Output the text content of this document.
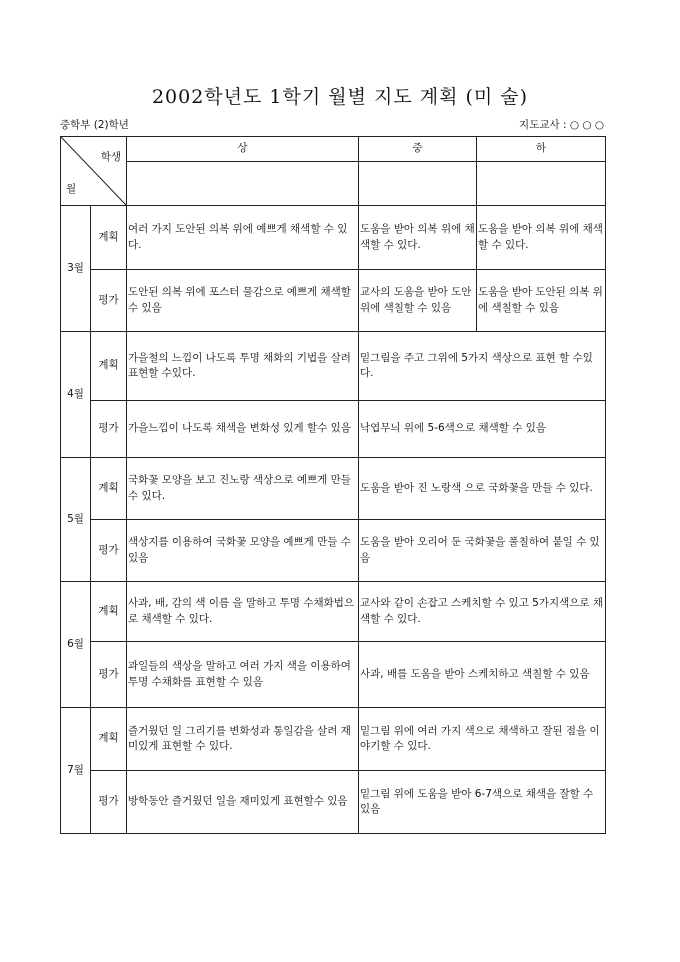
2002학년도 1학기 월별 지도 계획 (미 술)
중학부 (2)학년	지도교사 : ○ ○ ○
학생
월		상	중	하

3월	계획	여러 가지 도안된 의복 위에 예쁘게 채색할 수 있다.	도움을 받아 의복 위에 채색할 수 있다.	도움을 받아 의복 위에 채색 할 수 있다.
	평가	도안된 의복 위에 포스터 물감으로 예쁘게 채색할 수 있음	교사의 도움을 받아 도안위에 색칠할 수 있음	도움을 받아 도안된 의복 위에 색칠할 수 있음
4월	계획	가을철의 느낌이 나도록 투명 채화의 기법을 살려 표현할 수있다.	밑그림을 주고 그위에 5가지 색상으로 표현 할 수있다.	
	평가	가을느낌이 나도록 채색을 변화성 있게 할수 있음	낙엽무늬 위에 5-6색으로 채색할 수 있음	
5월	계획	국화꽃 모양을 보고 진노랑 색상으로 예쁘게 만들 수 있다.	도움을 받아 진 노랑색 으로 국화꽃을 만들 수 있다.	
	평가	색상지를 이용하여 국화꽃 모양을 예쁘게 만들 수 있음	도움을 받아 오리어 둔 국화꽃을 풀칠하여 붙일 수 있음	
6월	계획	사과, 배, 감의 색 이름 을 말하고 투명 수채화법으로 채색할 수 있다.	교사와 같이 손잡고 스케치할 수 있고 5가지색으로 채색할 수 있다.	
	평가	과일들의 색상을 말하고 여러 가지 색을 이용하여 투명 수채화를 표현할 수 있음	사과, 배를 도움을 받아 스케치하고 색칠할 수 있음	
7월	계획	즐거웠던 일 그리기를 변화성과 통일감을 살려 재미있게 표현할 수 있다.	밑그림 위에 여러 가지 색으로 채색하고 잘된 점을 이야기할 수 있다.	
	평가	방학동안 즐거웠던 일을 재미있게 표현할수 있음	밑그림 위에 도움을 받아 6-7색으로 채색을 잘할 수 있음	
